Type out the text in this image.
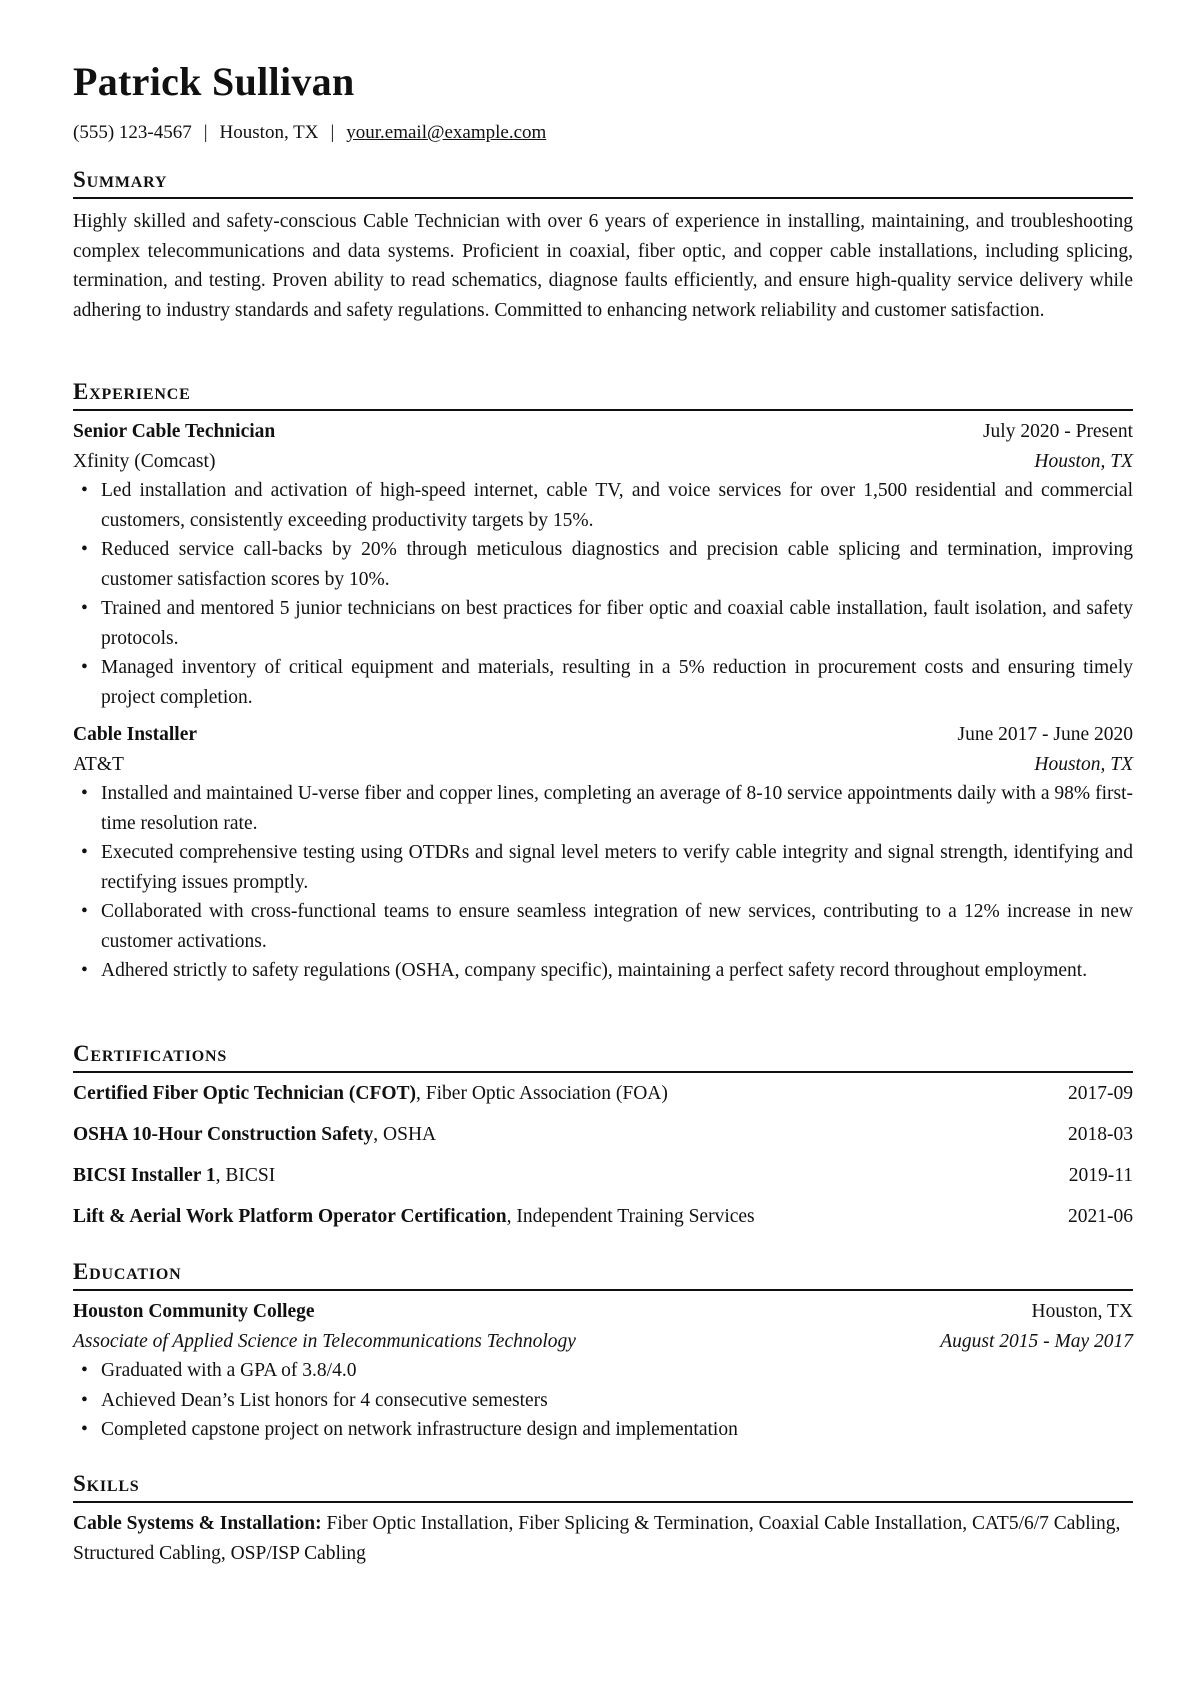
Patrick Sullivan
(555) 123-4567 | Houston, TX | your.email@example.com
Summary
Highly skilled and safety-conscious Cable Technician with over 6 years of experience in installing, maintaining, and troubleshooting complex telecommunications and data systems. Proficient in coaxial, fiber optic, and copper cable installations, including splicing, termination, and testing. Proven ability to read schematics, diagnose faults efficiently, and ensure high-quality service delivery while adhering to industry standards and safety regulations. Committed to enhancing network reliability and customer satisfaction.
Experience
Senior Cable Technician	July 2020 - Present
Xfinity (Comcast)	Houston, TX
• Led installation and activation of high-speed internet, cable TV, and voice services for over 1,500 residential and commercial customers, consistently exceeding productivity targets by 15%.
• Reduced service call-backs by 20% through meticulous diagnostics and precision cable splicing and termination, improving customer satisfaction scores by 10%.
• Trained and mentored 5 junior technicians on best practices for fiber optic and coaxial cable installation, fault isolation, and safety protocols.
• Managed inventory of critical equipment and materials, resulting in a 5% reduction in procurement costs and ensuring timely project completion.
Cable Installer	June 2017 - June 2020
AT&T	Houston, TX
• Installed and maintained U-verse fiber and copper lines, completing an average of 8-10 service appointments daily with a 98% first-time resolution rate.
• Executed comprehensive testing using OTDRs and signal level meters to verify cable integrity and signal strength, identifying and rectifying issues promptly.
• Collaborated with cross-functional teams to ensure seamless integration of new services, contributing to a 12% increase in new customer activations.
• Adhered strictly to safety regulations (OSHA, company specific), maintaining a perfect safety record throughout employment.
Certifications
Certified Fiber Optic Technician (CFOT), Fiber Optic Association (FOA)	2017-09
OSHA 10-Hour Construction Safety, OSHA	2018-03
BICSI Installer 1, BICSI	2019-11
Lift & Aerial Work Platform Operator Certification, Independent Training Services	2021-06
Education
Houston Community College	Houston, TX
Associate of Applied Science in Telecommunications Technology	August 2015 - May 2017
• Graduated with a GPA of 3.8/4.0
• Achieved Dean’s List honors for 4 consecutive semesters
• Completed capstone project on network infrastructure design and implementation
Skills
Cable Systems & Installation: Fiber Optic Installation, Fiber Splicing & Termination, Coaxial Cable Installation, CAT5/6/7 Cabling, Structured Cabling, OSP/ISP Cabling
